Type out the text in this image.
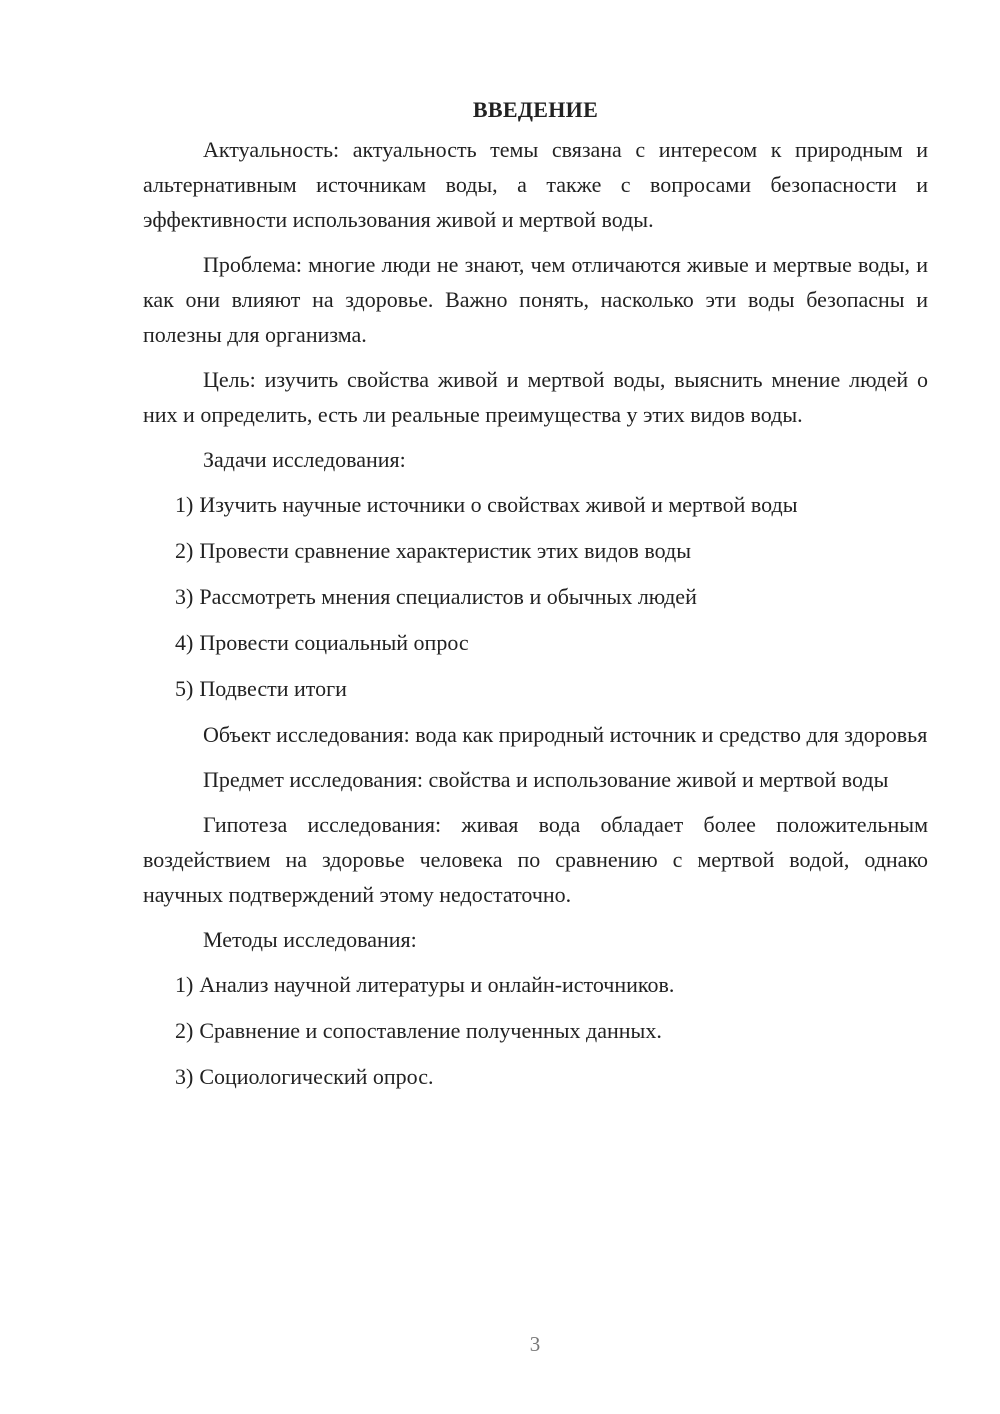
ВВЕДЕНИЕ

Актуальность: актуальность темы связана с интересом к природным и альтернативным источникам воды, а также с вопросами безопасности и эффективности использования живой и мертвой воды.

Проблема: многие люди не знают, чем отличаются живые и мертвые воды, и как они влияют на здоровье. Важно понять, насколько эти воды безопасны и полезны для организма.

Цель: изучить свойства живой и мертвой воды, выяснить мнение людей о них и определить, есть ли реальные преимущества у этих видов воды.

Задачи исследования:

1) Изучить научные источники о свойствах живой и мертвой воды
2) Провести сравнение характеристик этих видов воды
3) Рассмотреть мнения специалистов и обычных людей
4) Провести социальный опрос
5) Подвести итоги

Объект исследования: вода как природный источник и средство для здоровья

Предмет исследования: свойства и использование живой и мертвой воды

Гипотеза исследования: живая вода обладает более положительным воздействием на здоровье человека по сравнению с мертвой водой, однако научных подтверждений этому недостаточно.

Методы исследования:

1) Анализ научной литературы и онлайн-источников.
2) Сравнение и сопоставление полученных данных.
3) Социологический опрос.
3
